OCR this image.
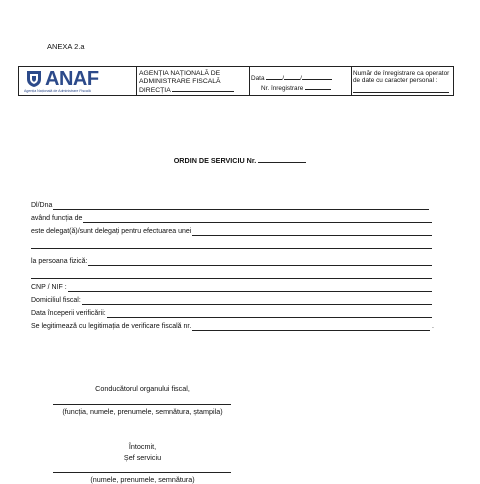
ANEXA 2.a
ANAF
Agenția Națională de Administrare Fiscală
AGENȚIA NAȚIONALĂ DE
ADMINISTRARE FISCALĂ
DIRECȚIA
Data	/	/
Nr. înregistrare
Număr de înregistrare ca operator
de date cu caracter personal :
ORDIN DE SERVICIU Nr.
Dl/Dna
având funcția de
este delegat(ă)/sunt delegați pentru efectuarea unei
la persoana fizică:
CNP / NIF :
Domiciliul fiscal:
Data începerii verificării:
Se legitimează cu legitimația de verificare fiscală nr.	.
Conducătorul organului fiscal,
(funcția, numele, prenumele, semnătura, ștampila)
Întocmit,
Șef serviciu
(numele, prenumele, semnătura)
